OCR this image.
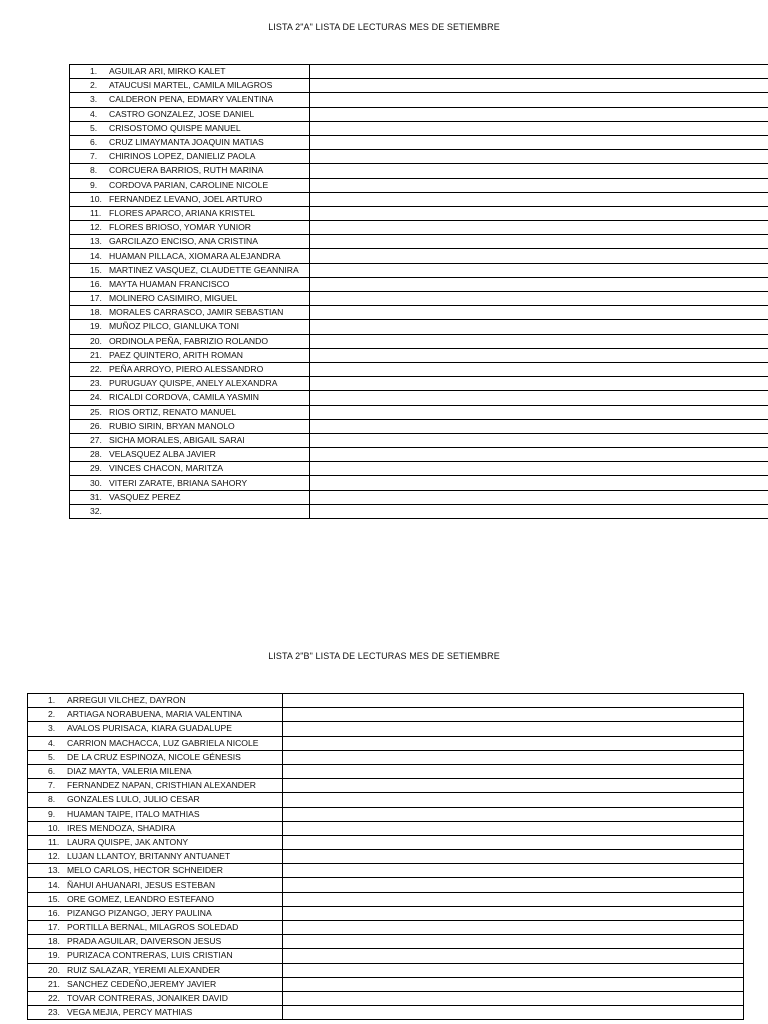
LISTA 2"A" LISTA DE LECTURAS MES DE SETIEMBRE
1. AGUILAR ARI, MIRKO KALET	
2. ATAUCUSI MARTEL, CAMILA MILAGROS	
3. CALDERON PENA, EDMARY VALENTINA	
4. CASTRO GONZALEZ, JOSE DANIEL	
5. CRISOSTOMO QUISPE MANUEL	
6. CRUZ LIMAYMANTA JOAQUIN MATIAS	
7. CHIRINOS LOPEZ, DANIELIZ PAOLA	
8. CORCUERA BARRIOS, RUTH MARINA	
9. CORDOVA PARIAN, CAROLINE NICOLE	
10. FERNANDEZ LEVANO, JOEL ARTURO	
11. FLORES APARCO, ARIANA KRISTEL	
12. FLORES BRIOSO, YOMAR YUNIOR	
13. GARCILAZO ENCISO, ANA CRISTINA	
14. HUAMAN PILLACA, XIOMARA ALEJANDRA	
15. MARTINEZ VASQUEZ, CLAUDETTE GEANNIRA	
16. MAYTA HUAMAN FRANCISCO	
17. MOLINERO CASIMIRO, MIGUEL	
18. MORALES CARRASCO, JAMIR SEBASTIAN	
19. MUÑOZ PILCO, GIANLUKA TONI	
20. ORDINOLA PEÑA, FABRIZIO ROLANDO	
21. PAEZ QUINTERO, ARITH ROMAN	
22. PEÑA ARROYO, PIERO ALESSANDRO	
23. PURUGUAY QUISPE, ANELY ALEXANDRA	
24. RICALDI CORDOVA, CAMILA YASMIN	
25. RIOS ORTIZ, RENATO MANUEL	
26. RUBIO SIRIN, BRYAN MANOLO	
27. SICHA MORALES, ABIGAIL SARAI	
28. VELASQUEZ ALBA JAVIER	
29. VINCES CHACON, MARITZA	
30. VITERI ZARATE, BRIANA SAHORY	
31. VASQUEZ PEREZ	
32.	
LISTA 2"B" LISTA DE LECTURAS MES DE SETIEMBRE
1. ARREGUI VILCHEZ, DAYRON	
2. ARTIAGA NORABUENA, MARIA VALENTINA	
3. AVALOS PURISACA, KIARA GUADALUPE	
4. CARRION MACHACCA, LUZ GABRIELA NICOLE	
5. DE LA CRUZ ESPINOZA, NICOLE GÉNESIS	
6. DIAZ MAYTA, VALERIA MILENA	
7. FERNANDEZ NAPAN, CRISTHIAN ALEXANDER	
8. GONZALES LULO, JULIO CESAR	
9. HUAMAN TAIPE, ITALO MATHIAS	
10. IRES MENDOZA, SHADIRA	
11. LAURA QUISPE, JAK ANTONY	
12. LUJAN LLANTOY, BRITANNY ANTUANET	
13. MELO CARLOS, HECTOR SCHNEIDER	
14. ÑAHUI AHUANARI, JESUS ESTEBAN	
15. ORE GOMEZ, LEANDRO ESTEFANO	
16. PIZANGO PIZANGO, JERY PAULINA	
17. PORTILLA BERNAL, MILAGROS SOLEDAD	
18. PRADA AGUILAR, DAIVERSON JESUS	
19. PURIZACA CONTRERAS, LUIS CRISTIAN	
20. RUIZ SALAZAR, YEREMI ALEXANDER	
21. SANCHEZ CEDEÑO,JEREMY JAVIER	
22. TOVAR CONTRERAS, JONAIKER DAVID	
23. VEGA MEJIA, PERCY MATHIAS	
